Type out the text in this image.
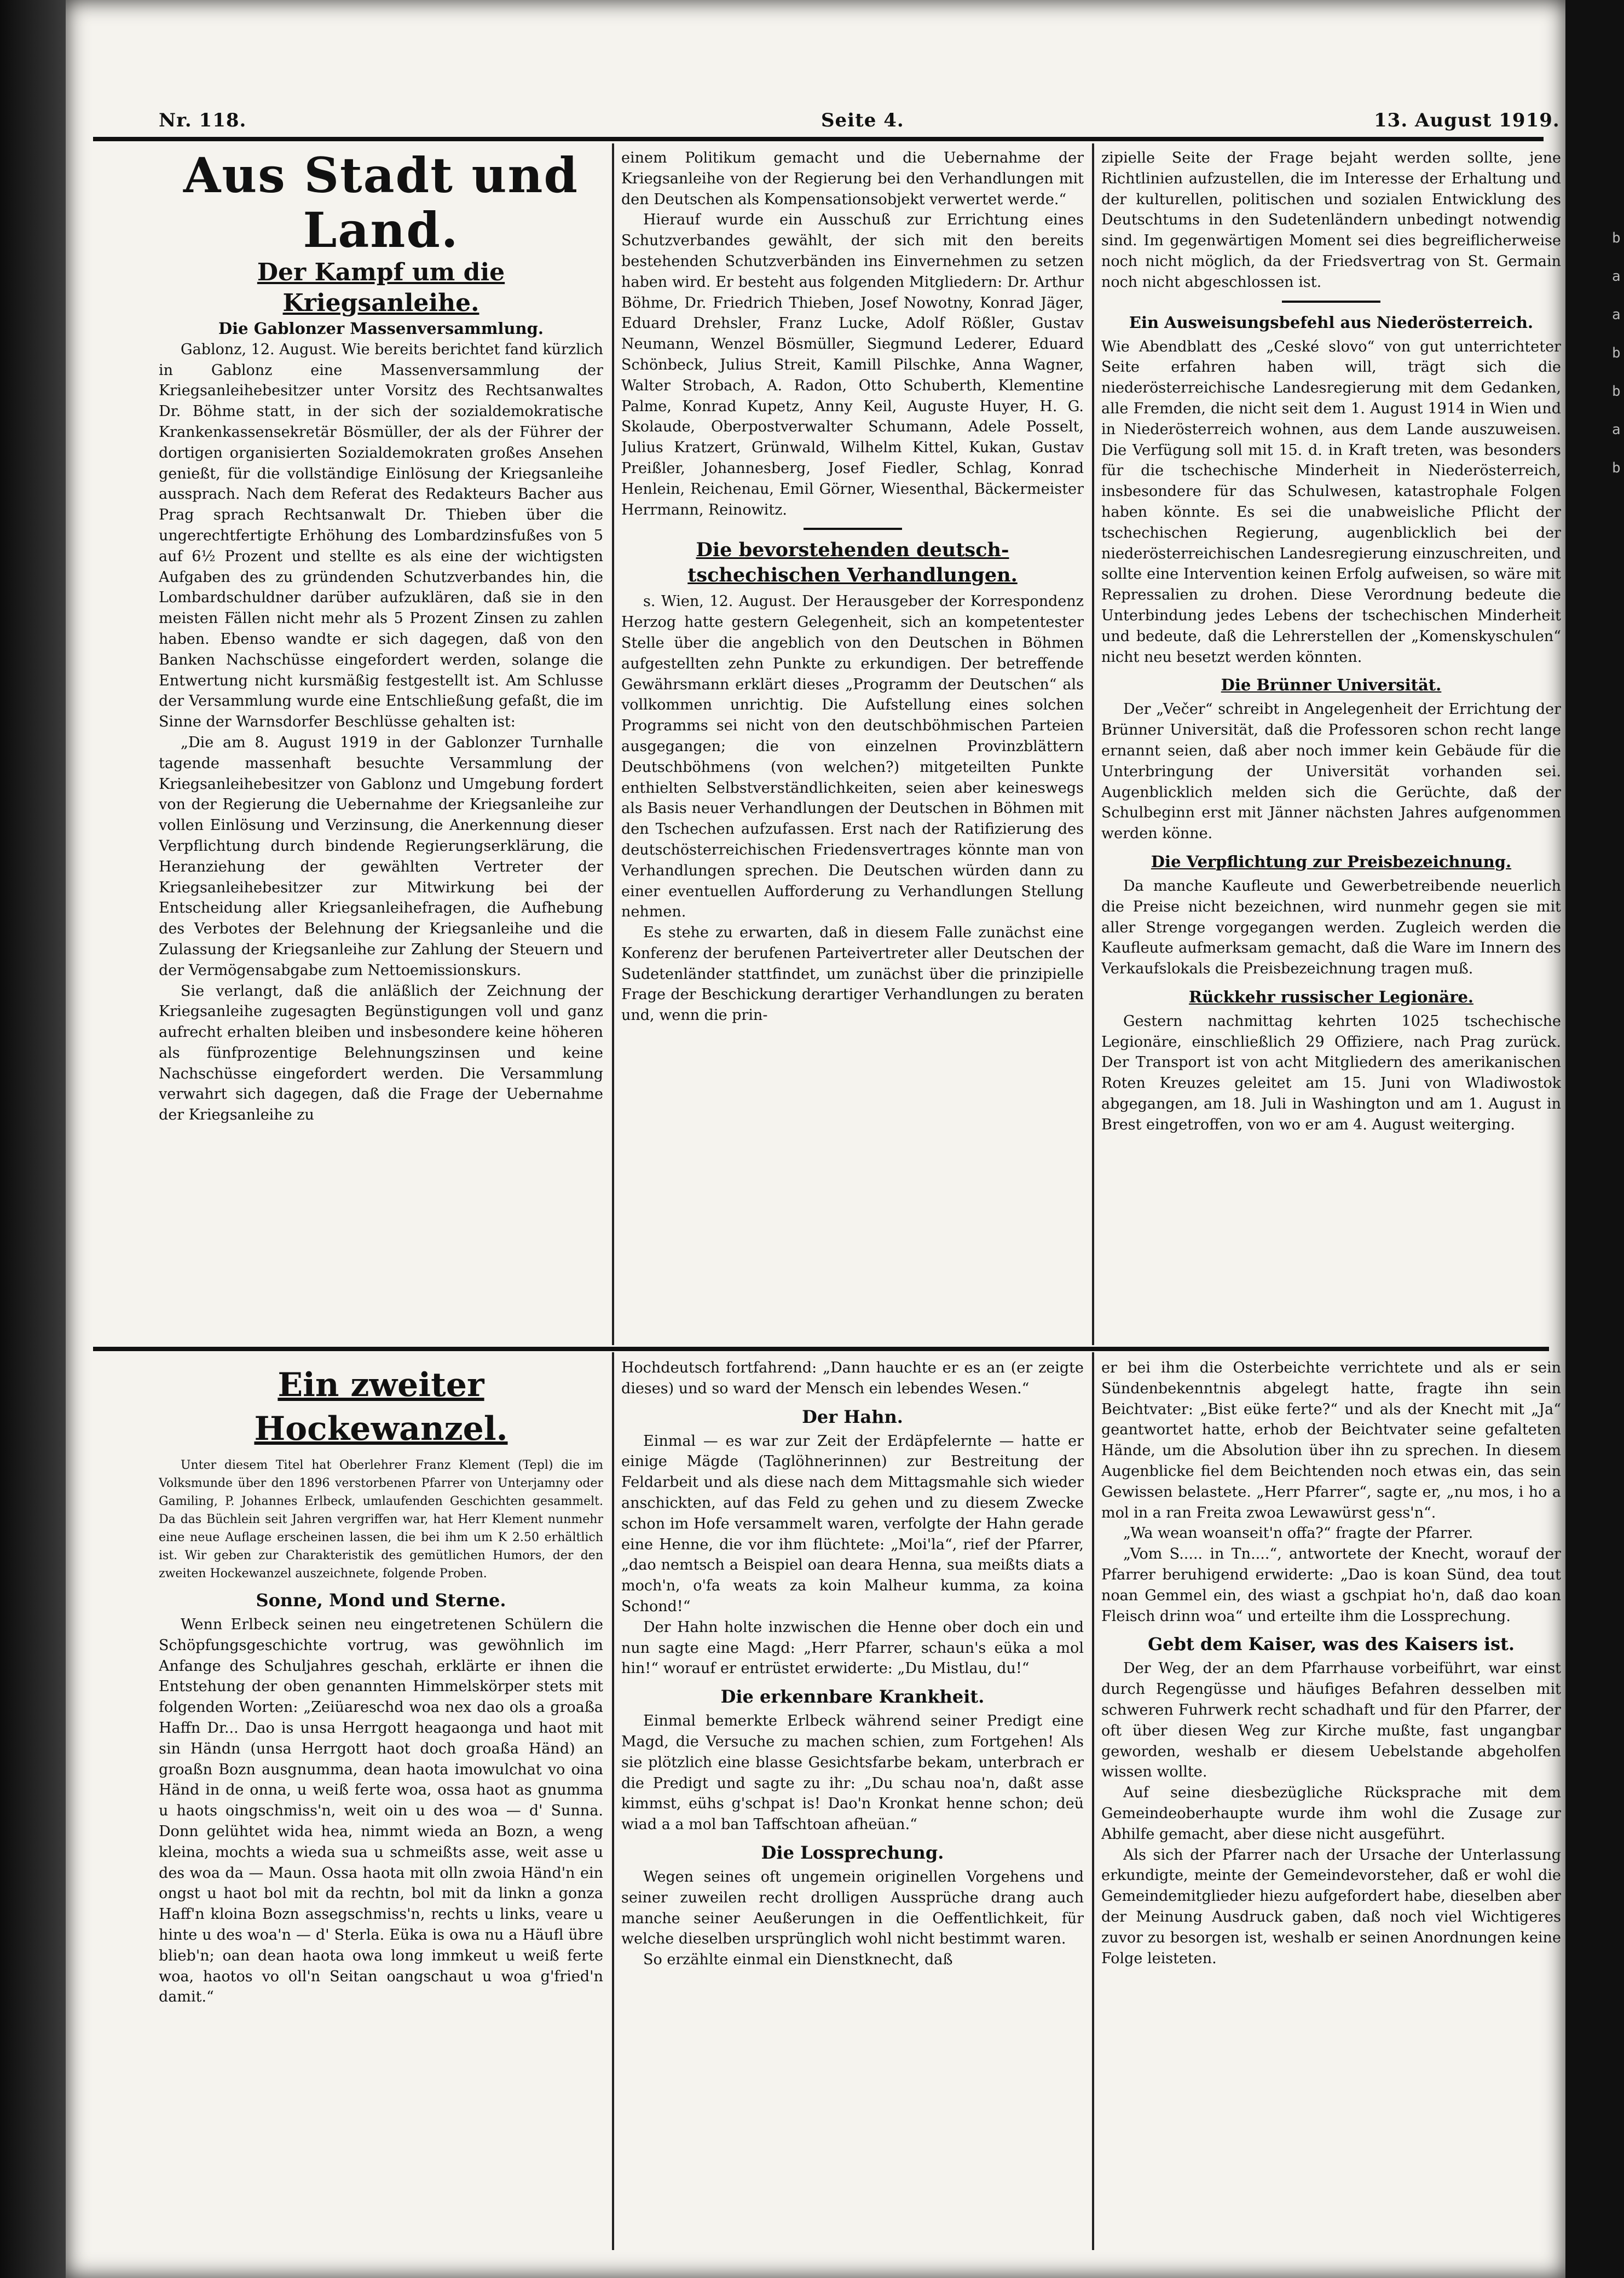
b
a
a
b
b
a
b
Nr. 118.	Seite 4.	13. August 1919.
Aus Stadt und Land.
Der Kampf um die Kriegsanleihe.
Die Gablonzer Massenversammlung.

Gablonz, 12. August. Wie bereits berichtet fand kürzlich in Gablonz eine Massenversammlung der Kriegsanleihebesitzer unter Vorsitz des Rechtsanwaltes Dr. Böhme statt, in der sich der sozialdemokratische Krankenkassensekretär Bösmüller, der als der Führer der dortigen organisierten Sozialdemokraten großes Ansehen genießt, für die vollständige Einlösung der Kriegsanleihe aussprach. Nach dem Referat des Redakteurs Bacher aus Prag sprach Rechtsanwalt Dr. Thieben über die ungerechtfertigte Erhöhung des Lombardzinsfußes von 5 auf 6½ Prozent und stellte es als eine der wichtigsten Aufgaben des zu gründenden Schutzverbandes hin, die Lombardschuldner darüber aufzuklären, daß sie in den meisten Fällen nicht mehr als 5 Prozent Zinsen zu zahlen haben. Ebenso wandte er sich dagegen, daß von den Banken Nachschüsse eingefordert werden, solange die Entwertung nicht kursmäßig festgestellt ist. Am Schlusse der Versammlung wurde eine Entschließung gefaßt, die im Sinne der Warnsdorfer Beschlüsse gehalten ist:

„Die am 8. August 1919 in der Gablonzer Turnhalle tagende massenhaft besuchte Versammlung der Kriegsanleihebesitzer von Gablonz und Umgebung fordert von der Regierung die Uebernahme der Kriegsanleihe zur vollen Einlösung und Verzinsung, die Anerkennung dieser Verpflichtung durch bindende Regierungserklärung, die Heranziehung der gewählten Vertreter der Kriegsanleihebesitzer zur Mitwirkung bei der Entscheidung aller Kriegsanleihefragen, die Aufhebung des Verbotes der Belehnung der Kriegsanleihe und die Zulassung der Kriegsanleihe zur Zahlung der Steuern und der Vermögensabgabe zum Nettoemissionskurs.

Sie verlangt, daß die anläßlich der Zeichnung der Kriegsanleihe zugesagten Begünstigungen voll und ganz aufrecht erhalten bleiben und insbesondere keine höheren als fünfprozentige Belehnungszinsen und keine Nachschüsse eingefordert werden. Die Versammlung verwahrt sich dagegen, daß die Frage der Uebernahme der Kriegsanleihe zu

einem Politikum gemacht und die Uebernahme der Kriegsanleihe von der Regierung bei den Verhandlungen mit den Deutschen als Kompensationsobjekt verwertet werde.“

Hierauf wurde ein Ausschuß zur Errichtung eines Schutzverbandes gewählt, der sich mit den bereits bestehenden Schutzverbänden ins Einvernehmen zu setzen haben wird. Er besteht aus folgenden Mitgliedern: Dr. Arthur Böhme, Dr. Friedrich Thieben, Josef Nowotny, Konrad Jäger, Eduard Drehsler, Franz Lucke, Adolf Rößler, Gustav Neumann, Wenzel Bösmüller, Siegmund Lederer, Eduard Schönbeck, Julius Streit, Kamill Pilschke, Anna Wagner, Walter Strobach, A. Radon, Otto Schuberth, Klementine Palme, Konrad Kupetz, Anny Keil, Auguste Huyer, H. G. Skolaude, Oberpostverwalter Schumann, Adele Posselt, Julius Kratzert, Grünwald, Wilhelm Kittel, Kukan, Gustav Preißler, Johannesberg, Josef Fiedler, Schlag, Konrad Henlein, Reichenau, Emil Görner, Wiesenthal, Bäckermeister Herrmann, Reinowitz.

Die bevorstehenden deutsch-tschechischen Verhandlungen.

s. Wien, 12. August. Der Herausgeber der Korrespondenz Herzog hatte gestern Gelegenheit, sich an kompetentester Stelle über die angeblich von den Deutschen in Böhmen aufgestellten zehn Punkte zu erkundigen. Der betreffende Gewährsmann erklärt dieses „Programm der Deutschen“ als vollkommen unrichtig. Die Aufstellung eines solchen Programms sei nicht von den deutschböhmischen Parteien ausgegangen; die von einzelnen Provinzblättern Deutschböhmens (von welchen?) mitgeteilten Punkte enthielten Selbstverständlichkeiten, seien aber keineswegs als Basis neuer Verhandlungen der Deutschen in Böhmen mit den Tschechen aufzufassen. Erst nach der Ratifizierung des deutschösterreichischen Friedensvertrages könnte man von Verhandlungen sprechen. Die Deutschen würden dann zu einer eventuellen Aufforderung zu Verhandlungen Stellung nehmen.

Es stehe zu erwarten, daß in diesem Falle zunächst eine Konferenz der berufenen Parteivertreter aller Deutschen der Sudetenländer stattfindet, um zunächst über die prinzipielle Frage der Beschickung derartiger Verhandlungen zu beraten und, wenn die prin-

zipielle Seite der Frage bejaht werden sollte, jene Richtlinien aufzustellen, die im Interesse der Erhaltung und der kulturellen, politischen und sozialen Entwicklung des Deutschtums in den Sudetenländern unbedingt notwendig sind. Im gegenwärtigen Moment sei dies begreiflicherweise noch nicht möglich, da der Friedsvertrag von St. Germain noch nicht abgeschlossen ist.

Ein Ausweisungsbefehl aus Niederösterreich.

Wie Abendblatt des „Ceské slovo“ von gut unterrichteter Seite erfahren haben will, trägt sich die niederösterreichische Landesregierung mit dem Gedanken, alle Fremden, die nicht seit dem 1. August 1914 in Wien und in Niederösterreich wohnen, aus dem Lande auszuweisen. Die Verfügung soll mit 15. d. in Kraft treten, was besonders für die tschechische Minderheit in Niederösterreich, insbesondere für das Schulwesen, katastrophale Folgen haben könnte. Es sei die unabweisliche Pflicht der tschechischen Regierung, augenblicklich bei der niederösterreichischen Landesregierung einzuschreiten, und sollte eine Intervention keinen Erfolg aufweisen, so wäre mit Repressalien zu drohen. Diese Verordnung bedeute die Unterbindung jedes Lebens der tschechischen Minderheit und bedeute, daß die Lehrerstellen der „Komenskyschulen“ nicht neu besetzt werden könnten.

Die Brünner Universität.

Der „Večer“ schreibt in Angelegenheit der Errichtung der Brünner Universität, daß die Professoren schon recht lange ernannt seien, daß aber noch immer kein Gebäude für die Unterbringung der Universität vorhanden sei. Augenblicklich melden sich die Gerüchte, daß der Schulbeginn erst mit Jänner nächsten Jahres aufgenommen werden könne.

Die Verpflichtung zur Preisbezeichnung.

Da manche Kaufleute und Gewerbetreibende neuerlich die Preise nicht bezeichnen, wird nunmehr gegen sie mit aller Strenge vorgegangen werden. Zugleich werden die Kaufleute aufmerksam gemacht, daß die Ware im Innern des Verkaufslokals die Preisbezeichnung tragen muß.

Rückkehr russischer Legionäre.

Gestern nachmittag kehrten 1025 tschechische Legionäre, einschließlich 29 Offiziere, nach Prag zurück. Der Transport ist von acht Mitgliedern des amerikanischen Roten Kreuzes geleitet am 15. Juni von Wladiwostok abgegangen, am 18. Juli in Washington und am 1. August in Brest eingetroffen, von wo er am 4. August weiterging.

Ein zweiter Hockewanzel.

Unter diesem Titel hat Oberlehrer Franz Klement (Tepl) die im Volksmunde über den 1896 verstorbenen Pfarrer von Unterjamny oder Gamiling, P. Johannes Erlbeck, umlaufenden Geschichten gesammelt. Da das Büchlein seit Jahren vergriffen war, hat Herr Klement nunmehr eine neue Auflage erscheinen lassen, die bei ihm um K 2.50 erhältlich ist. Wir geben zur Charakteristik des gemütlichen Humors, der den zweiten Hockewanzel auszeichnete, folgende Proben.

Sonne, Mond und Sterne.

Wenn Erlbeck seinen neu eingetretenen Schülern die Schöpfungsgeschichte vortrug, was gewöhnlich im Anfange des Schuljahres geschah, erklärte er ihnen die Entstehung der oben genannten Himmelskörper stets mit folgenden Worten: „Zeiüareschd woa nex dao ols a groaßa Haffn Dr... Dao is unsa Herrgott heagaonga und haot mit sin Händn (unsa Herrgott haot doch groaßa Händ) an groaßn Bozn ausgnumma, dean haota imowulchat vo oina Händ in de onna, u weiß ferte woa, ossa haot as gnumma u haots oingschmiss'n, weit oin u des woa — d' Sunna. Donn gelühtet wida hea, nimmt wieda an Bozn, a weng kleina, mochts a wieda sua u schmeißts asse, weit asse u des woa da — Maun. Ossa haota mit olln zwoia Händ'n ein ongst u haot bol mit da rechtn, bol mit da linkn a gonza Haff'n kloina Bozn assegschmiss'n, rechts u links, veare u hinte u des woa'n — d' Sterla. Eüka is owa nu a Häufl übre blieb'n; oan dean haota owa long immkeut u weiß ferte woa, haotos vo oll'n Seitan oangschaut u woa g'fried'n damit.“

Hochdeutsch fortfahrend: „Dann hauchte er es an (er zeigte dieses) und so ward der Mensch ein lebendes Wesen.“

Der Hahn.

Einmal — es war zur Zeit der Erdäpfelernte — hatte er einige Mägde (Taglöhnerinnen) zur Bestreitung der Feldarbeit und als diese nach dem Mittagsmahle sich wieder anschickten, auf das Feld zu gehen und zu diesem Zwecke schon im Hofe versammelt waren, verfolgte der Hahn gerade eine Henne, die vor ihm flüchtete: „Moi'la“, rief der Pfarrer, „dao nemtsch a Beispiel oan deara Henna, sua meißts diats a moch'n, o'fa weats za koin Malheur kumma, za koina Schond!“

Der Hahn holte inzwischen die Henne ober doch ein und nun sagte eine Magd: „Herr Pfarrer, schaun's eüka a mol hin!“ worauf er entrüstet erwiderte: „Du Mistlau, du!“

Die erkennbare Krankheit.

Einmal bemerkte Erlbeck während seiner Predigt eine Magd, die Versuche zu machen schien, zum Fortgehen! Als sie plötzlich eine blasse Gesichtsfarbe bekam, unterbrach er die Predigt und sagte zu ihr: „Du schau noa'n, daßt asse kimmst, eühs g'schpat is! Dao'n Kronkat henne schon; deü wiad a a mol ban Taffschtoan afheüan.“

Die Lossprechung.

Wegen seines oft ungemein originellen Vorgehens und seiner zuweilen recht drolligen Aussprüche drang auch manche seiner Aeußerungen in die Oeffentlichkeit, für welche dieselben ursprünglich wohl nicht bestimmt waren.

So erzählte einmal ein Dienstknecht, daß

er bei ihm die Osterbeichte verrichtete und als er sein Sündenbekenntnis abgelegt hatte, fragte ihn sein Beichtvater: „Bist eüke ferte?“ und als der Knecht mit „Ja“ geantwortet hatte, erhob der Beichtvater seine gefalteten Hände, um die Absolution über ihn zu sprechen. In diesem Augenblicke fiel dem Beichtenden noch etwas ein, das sein Gewissen belastete. „Herr Pfarrer“, sagte er, „nu mos, i ho a mol in a ran Freita zwoa Lewawürst gess'n“.

„Wa wean woanseit'n offa?“ fragte der Pfarrer.

„Vom S..... in Tn....“, antwortete der Knecht, worauf der Pfarrer beruhigend erwiderte: „Dao is koan Sünd, dea tout noan Gemmel ein, des wiast a gschpiat ho'n, daß dao koan Fleisch drinn woa“ und erteilte ihm die Lossprechung.

Gebt dem Kaiser, was des Kaisers ist.

Der Weg, der an dem Pfarrhause vorbeiführt, war einst durch Regengüsse und häufiges Befahren desselben mit schweren Fuhrwerk recht schadhaft und für den Pfarrer, der oft über diesen Weg zur Kirche mußte, fast ungangbar geworden, weshalb er diesem Uebelstande abgeholfen wissen wollte.

Auf seine diesbezügliche Rücksprache mit dem Gemeindeoberhaupte wurde ihm wohl die Zusage zur Abhilfe gemacht, aber diese nicht ausgeführt.

Als sich der Pfarrer nach der Ursache der Unterlassung erkundigte, meinte der Gemeindevorsteher, daß er wohl die Gemeindemitglieder hiezu aufgefordert habe, dieselben aber der Meinung Ausdruck gaben, daß noch viel Wichtigeres zuvor zu besorgen ist, weshalb er seinen Anordnungen keine Folge leisteten.
